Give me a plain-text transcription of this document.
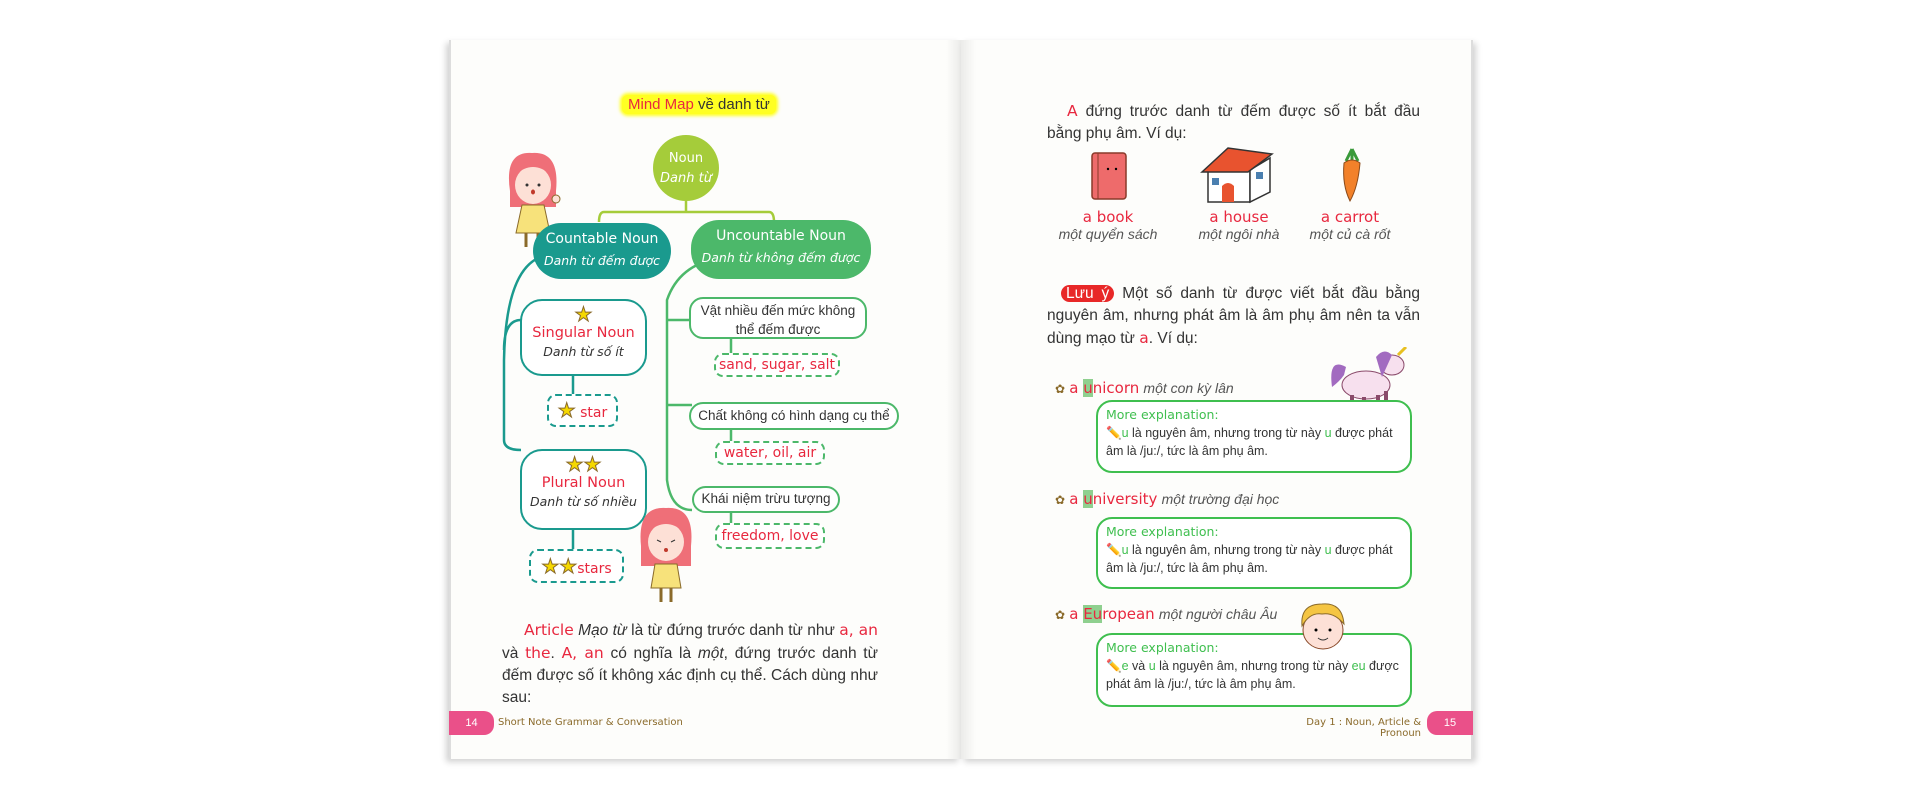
Mind Map về danh từ
Noun
Danh từ
Countable Noun
Danh từ đếm được
Uncountable Noun
Danh từ không đếm được
★
Singular Noun
Danh từ số ít
★ star
★★
Plural Noun
Danh từ số nhiều
★★stars
Vật nhiều đến mức không thể đếm được
sand, sugar, salt
Chất không có hình dạng cụ thể
water, oil, air
Khái niệm trừu tượng
freedom, love
Article Mạo từ là từ đứng trước danh từ như a, an và the. A, an có nghĩa là một, đứng trước danh từ đếm được số ít không xác định cụ thể. Cách dùng như sau:
14	Short Note Grammar & Conversation
A đứng trước danh từ đếm được số ít bắt đầu bằng phụ âm. Ví dụ:
a book
một quyển sách
a house
một ngôi nhà
a carrot
một củ cà rốt
Lưu ý Một số danh từ được viết bắt đầu bằng nguyên âm, nhưng phát âm là âm phụ âm nên ta vẫn dùng mạo từ a. Ví dụ:
✿ a unicorn một con kỳ lân
More explanation:
✏️u là nguyên âm, nhưng trong từ này u được phát âm là /ju:/, tức là âm phụ âm.
✿ a university một trường đại học
More explanation:
✏️u là nguyên âm, nhưng trong từ này u được phát âm là /ju:/, tức là âm phụ âm.
✿ a European một người châu Âu
More explanation:
✏️e và u là nguyên âm, nhưng trong từ này eu được phát âm là /ju:/, tức là âm phụ âm.
Day 1 : Noun, Article & Pronoun
15
